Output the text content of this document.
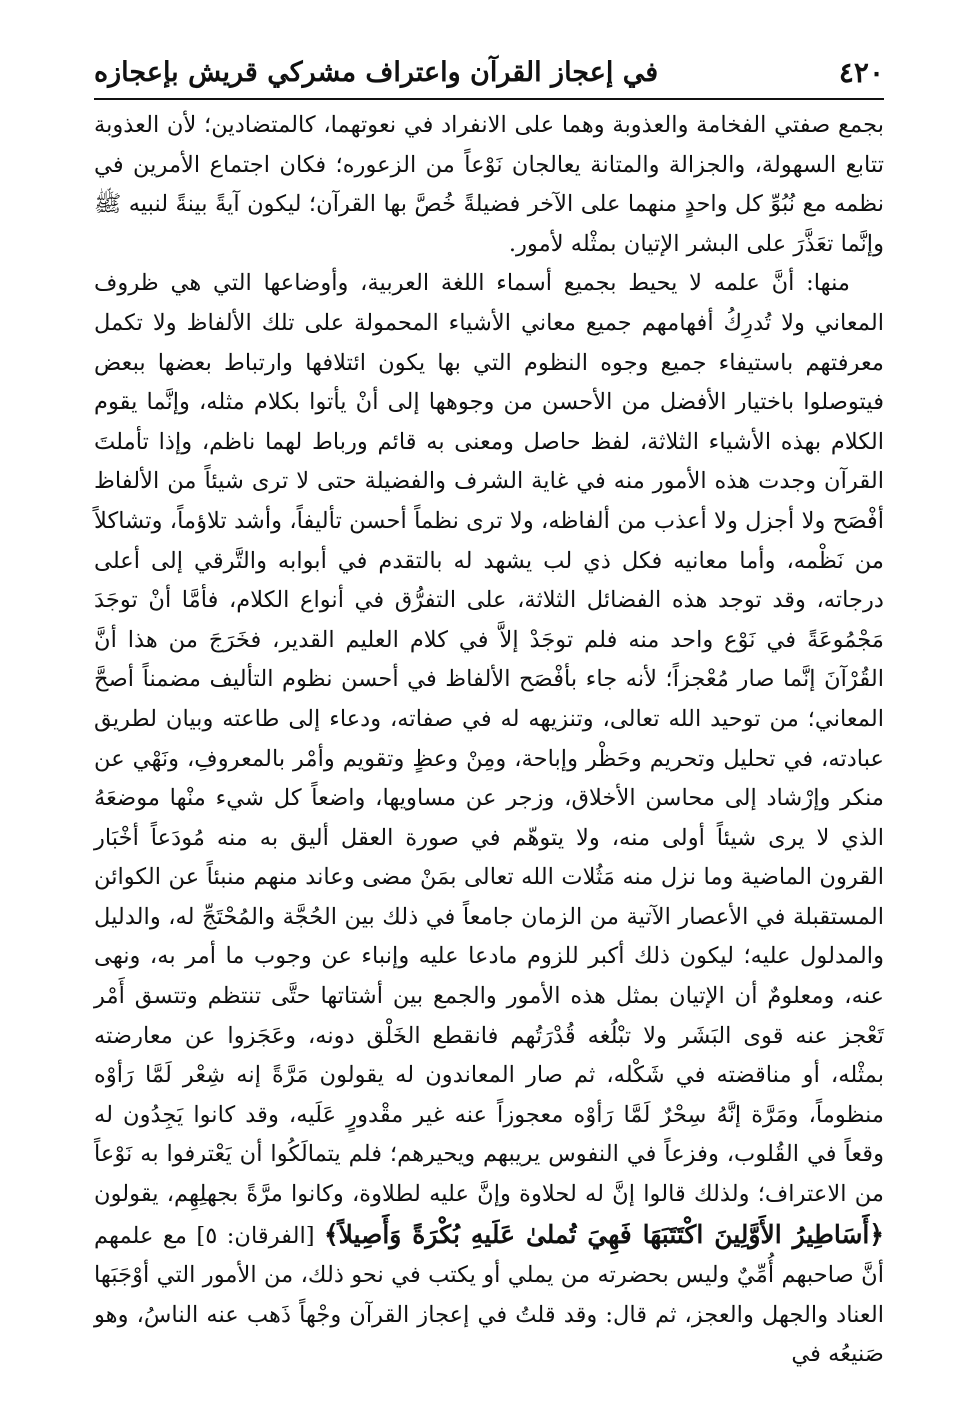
٤٢٠
في إعجاز القرآن واعتراف مشركي قريش بإعجازه

بجمع صفتي الفخامة والعذوبة وهما على الانفراد في نعوتهما، كالمتضادين؛ لأن العذوبة تتابع السهولة، والجزالة والمتانة يعالجان نَوْعاً من الزعوره؛ فكان اجتماع الأمرين في نظمه مع نُبُوِّ كل واحدٍ منهما على الآخر فضيلةً خُصَّ بها القرآن؛ ليكون آيةً بينةً لنبيه ﷺ وإنَّما تعَذَّرَ على البشر الإتيان بمثْله لأمور.

منها: أنَّ علمه لا يحيط بجميع أسماء اللغة العربية، وأوضاعها التي هي ظروف المعاني ولا تُدرِكُ أفهامهم جميع معاني الأشياء المحمولة على تلك الألفاظ ولا تكمل معرفتهم باستيفاء جميع وجوه النظوم التي بها يكون ائتلافها وارتباط بعضها ببعض فيتوصلوا باختيار الأفضل من الأحسن من وجوهها إلى أنْ يأتوا بكلام مثله، وإنَّما يقوم الكلام بهذه الأشياء الثلاثة، لفظ حاصل ومعنى به قائم ورباط لهما ناظم، وإذا تأملتَ القرآن وجدت هذه الأمور منه في غاية الشرف والفضيلة حتى لا ترى شيئاً من الألفاظ أفْصَح ولا أجزل ولا أعذب من ألفاظه، ولا ترى نظماً أحسن تأليفاً، وأشد تلاؤماً، وتشاكلاً من نَظْمه، وأما معانيه فكل ذي لب يشهد له بالتقدم في أبوابه والتَّرقي إلى أعلى درجاته، وقد توجد هذه الفضائل الثلاثة، على التفرُّق في أنواع الكلام، فأمَّا أنْ توجَدَ مَجْمُوعَةً في نَوْع واحد منه فلم توجَدْ إلاَّ في كلام العليم القدير، فخَرَجَ من هذا أنَّ القُرْآنَ إنَّما صار مُعْجزاً؛ لأنه جاء بأفْصَح الألفاظ في أحسن نظوم التأليف مضمناً أصحَّ المعاني؛ من توحيد الله تعالى، وتنزيهه له في صفاته، ودعاء إلى طاعته وبيان لطريق عبادته، في تحليل وتحريم وحَظْر وإباحة، ومِنْ وعظٍ وتقويم وأمْر بالمعروفِ، ونَهْي عن منكر وإرْشاد إلى محاسن الأخلاق، وزجر عن مساويها، واضعاً كل شيء منْها موضعَهُ الذي لا يرى شيئاً أولى منه، ولا يتوهّم في صورة العقل أليق به منه مُودَعاً أخْبَار القرون الماضية وما نزل منه مَثُلات الله تعالى بمَنْ مضى وعاند منهم منبئاً عن الكوائن المستقبلة في الأعصار الآتية من الزمان جامعاً في ذلك بين الحُجَّة والمُحْتَجِّ له، والدليل والمدلول عليه؛ ليكون ذلك أكبر للزوم مادعا عليه وإنباء عن وجوب ما أمر به، ونهى عنه، ومعلومٌ أن الإتيان بمثل هذه الأمور والجمع بين أشتاتها حتَّى تنتظم وتتسق أَمْر تَعْجز عنه قوى البَشَر ولا تبْلُغه قُدْرَتُهم فانقطع الخَلْق دونه، وعَجَزوا عن معارضته بمثْله، أو مناقضته في شَكْله، ثم صار المعاندون له يقولون مَرَّةً إنه شِعْر لَمَّا رَأوْه منظوماً، ومَرَّة إنَّهُ سِحْرٌ لَمَّا رَأوْه معجوزاً عنه غير مقْدورٍ عَلَيه، وقد كانوا يَجِدُون له وقعاً في القُلوب، وفزعاً في النفوس يريبهم ويحيرهم؛ فلم يتمالَكُوا أن يَعْترفوا به نَوْعاً من الاعتراف؛ ولذلك قالوا إنَّ له لحلاوة وإنَّ عليه لطلاوة، وكانوا مرَّةً بجهلِهِم، يقولون ﴿أَسَاطِيرُ الأَوَّلِينَ اكْتَتَبَهَا فَهِيَ تُملىٰ عَلَيهِ بُكْرَةً وَأَصِيلاً﴾ [الفرقان: ٥] مع علمهم أنَّ صاحبهم أُمِّيٌ وليس بحضرته من يملي أو يكتب في نحو ذلك، من الأمور التي أوْجَبَها العناد والجهل والعجز، ثم قال: وقد قلتُ في إعجاز القرآن وجْهاً ذَهب عنه الناسُ، وهو صَنيعُه في
